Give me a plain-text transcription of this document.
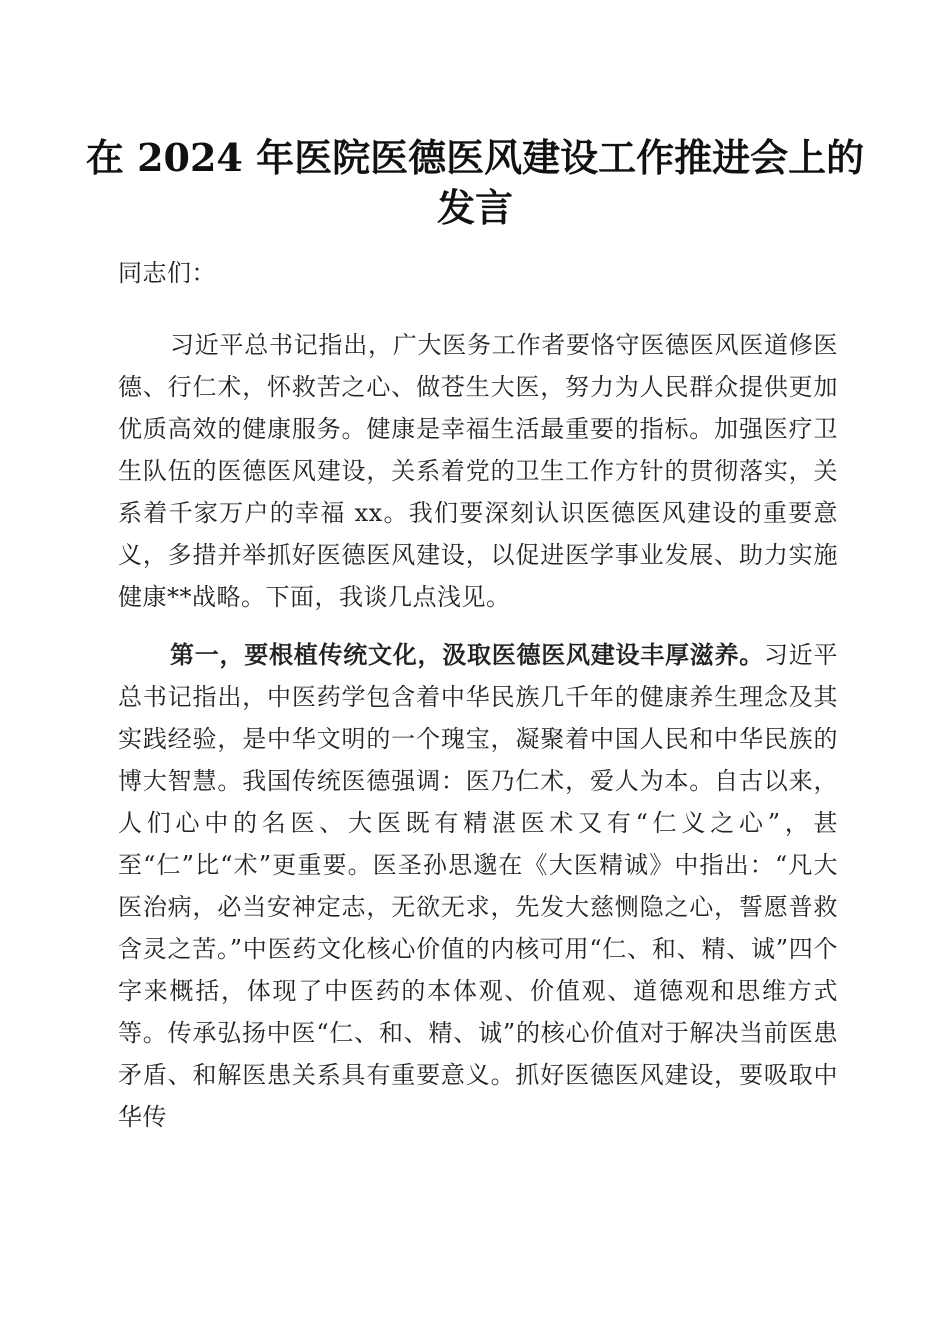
在 2024 年医院医德医风建设工作推进会上的
发言
同志们：
习近平总书记指出，广大医务工作者要恪守医德医风医道修医德、行仁术，怀救苦之心、做苍生大医，努力为人民群众提供更加优质高效的健康服务。健康是幸福生活最重要的指标。加强医疗卫生队伍的医德医风建设，关系着党的卫生工作方针的贯彻落实，关系着千家万户的幸福 xx。我们要深刻认识医德医风建设的重要意义，多措并举抓好医德医风建设，以促进医学事业发展、助力实施健康**战略。下面，我谈几点浅见。
第一，要根植传统文化，汲取医德医风建设丰厚滋养。习近平总书记指出，中医药学包含着中华民族几千年的健康养生理念及其实践经验，是中华文明的一个瑰宝，凝聚着中国人民和中华民族的博大智慧。我国传统医德强调：医乃仁术，爱人为本。自古以来，人们心中的名医、大医既有精湛医术又有“仁义之心”，甚至“仁”比“术”更重要。医圣孙思邈在《大医精诚》中指出：“凡大医治病，必当安神定志，无欲无求，先发大慈恻隐之心，誓愿普救含灵之苦。”中医药文化核心价值的内核可用“仁、和、精、诚”四个字来概括，体现了中医药的本体观、价值观、道德观和思维方式等。传承弘扬中医“仁、和、精、诚”的核心价值对于解决当前医患矛盾、和解医患关系具有重要意义。抓好医德医风建设，要吸取中华传
